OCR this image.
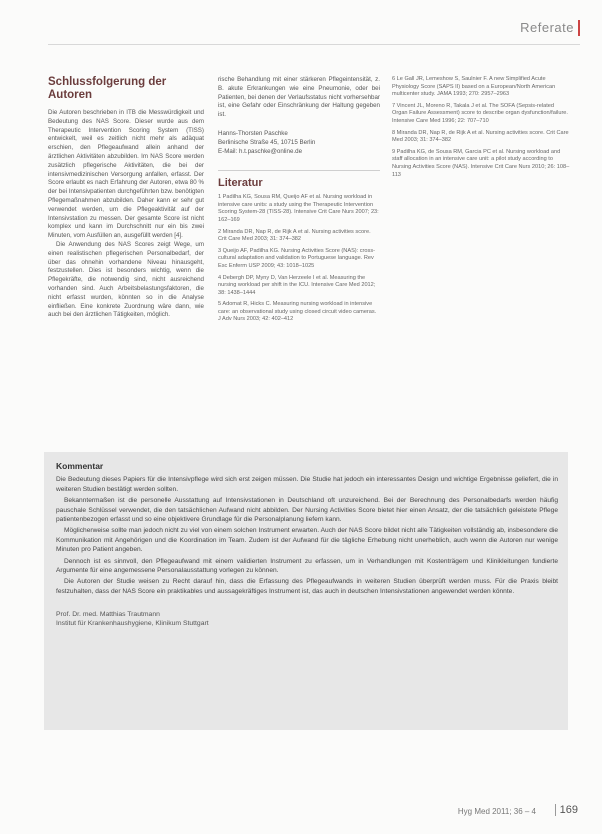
Referate
Schlussfolgerung der Autoren

Die Autoren beschrieben in ITB die Messwürdigkeit und Bedeutung des NAS Score. Dieser wurde aus dem Therapeutic Intervention Scoring System (TISS) entwickelt, weil es zeitlich nicht mehr als adäquat erschien, den Pflegeaufwand allein anhand der ärztlichen Aktivitäten abzubilden. Im NAS Score werden zusätzlich pflegerische Aktivitäten, die bei der intensivmedizinischen Versorgung anfallen, erfasst. Der Score erlaubt es nach Erfahrung der Autoren, etwa 80 % der bei Intensivpatienten durchgeführten bzw. benötigten Pflegemaßnahmen abzubilden. Daher kann er sehr gut verwendet werden, um die Pflegeaktivität auf der Intensivstation zu messen. Der gesamte Score ist nicht komplex und kann im Durchschnitt nur ein bis zwei Minuten, vom Ausfüllen an, ausgefüllt werden [4].

Die Anwendung des NAS Scores zeigt Wege, um einen realistischen pflegerischen Personalbedarf, der über das ohnehin vorhandene Niveau hinausgeht, festzustellen. Dies ist besonders wichtig, wenn die Pflegekräfte, die notwendig sind, nicht ausreichend vorhanden sind. Auch Arbeitsbelastungsfaktoren, die nicht erfasst wurden, könnten so in die Analyse einfließen. Eine konkrete Zuordnung wäre dann, wie auch bei den ärztlichen Tätigkeiten, möglich.

rische Behandlung mit einer stärkeren Pflegeintensität, z. B. akute Erkrankungen wie eine Pneumonie, oder bei Patienten, bei denen der Verlaufsstatus nicht vorhersehbar ist, eine Gefahr oder Einschränkung der Haltung gegeben ist.

Hanns-Thorsten Paschke
Berlinische Straße 45, 10715 Berlin
E-Mail: h.t.paschke@online.de
Literatur
1 Padilha KG, Sousa RM, Queijo AF et al. Nursing workload in intensive care units: a study using the Therapeutic Intervention Scoring System-28 (TISS-28). Intensive Crit Care Nurs 2007; 23: 162–169
2 Miranda DR, Nap R, de Rijk A et al. Nursing activities score. Crit Care Med 2003; 31: 374–382
3 Queijo AF, Padilha KG. Nursing Activities Score (NAS): cross-cultural adaptation and validation to Portuguese language. Rev Esc Enferm USP 2009; 43: 1018–1025
4 Debergh DP, Myny D, Van Herzeele I et al. Measuring the nursing workload per shift in the ICU. Intensive Care Med 2012; 38: 1438–1444
5 Adomat R, Hicks C. Measuring nursing workload in intensive care: an observational study using closed circuit video cameras. J Adv Nurs 2003; 42: 402–412
6 Le Gall JR, Lemeshow S, Saulnier F. A new Simplified Acute Physiology Score (SAPS II) based on a European/North American multicenter study. JAMA 1993; 270: 2957–2963
7 Vincent JL, Moreno R, Takala J et al. The SOFA (Sepsis-related Organ Failure Assessment) score to describe organ dysfunction/failure. Intensive Care Med 1996; 22: 707–710
8 Miranda DR, Nap R, de Rijk A et al. Nursing activities score. Crit Care Med 2003; 31: 374–382
9 Padilha KG, de Sousa RM, Garcia PC et al. Nursing workload and staff allocation in an intensive care unit: a pilot study according to Nursing Activities Score (NAS). Intensive Crit Care Nurs 2010; 26: 108–113
Kommentar

Die Bedeutung dieses Papiers für die Intensivpflege wird sich erst zeigen müssen. Die Studie hat jedoch ein interessantes Design und wichtige Ergebnisse geliefert, die in weiteren Studien bestätigt werden sollten.

Bekanntermaßen ist die personelle Ausstattung auf Intensivstationen in Deutschland oft unzureichend. Bei der Berechnung des Personalbedarfs werden häufig pauschale Schlüssel verwendet, die den tatsächlichen Aufwand nicht abbilden. Der Nursing Activities Score bietet hier einen Ansatz, der die tatsächlich geleistete Pflege patientenbezogen erfasst und so eine objektivere Grundlage für die Personalplanung liefern kann.

Möglicherweise sollte man jedoch nicht zu viel von einem solchen Instrument erwarten. Auch der NAS Score bildet nicht alle Tätigkeiten vollständig ab, insbesondere die Kommunikation mit Angehörigen und die Koordination im Team. Zudem ist der Aufwand für die tägliche Erhebung nicht unerheblich, auch wenn die Autoren nur wenige Minuten pro Patient angeben.

Dennoch ist es sinnvoll, den Pflegeaufwand mit einem validierten Instrument zu erfassen, um in Verhandlungen mit Kostenträgern und Klinikleitungen fundierte Argumente für eine angemessene Personalausstattung vorlegen zu können.

Die Autoren der Studie weisen zu Recht darauf hin, dass die Erfassung des Pflegeaufwands in weiteren Studien überprüft werden muss. Für die Praxis bleibt festzuhalten, dass der NAS Score ein praktikables und aussagekräftiges Instrument ist, das auch in deutschen Intensivstationen angewendet werden könnte.

Prof. Dr. med. Matthias Trautmann
Institut für Krankenhaushygiene, Klinikum Stuttgart
Hyg Med 2011; 36 – 4	169
